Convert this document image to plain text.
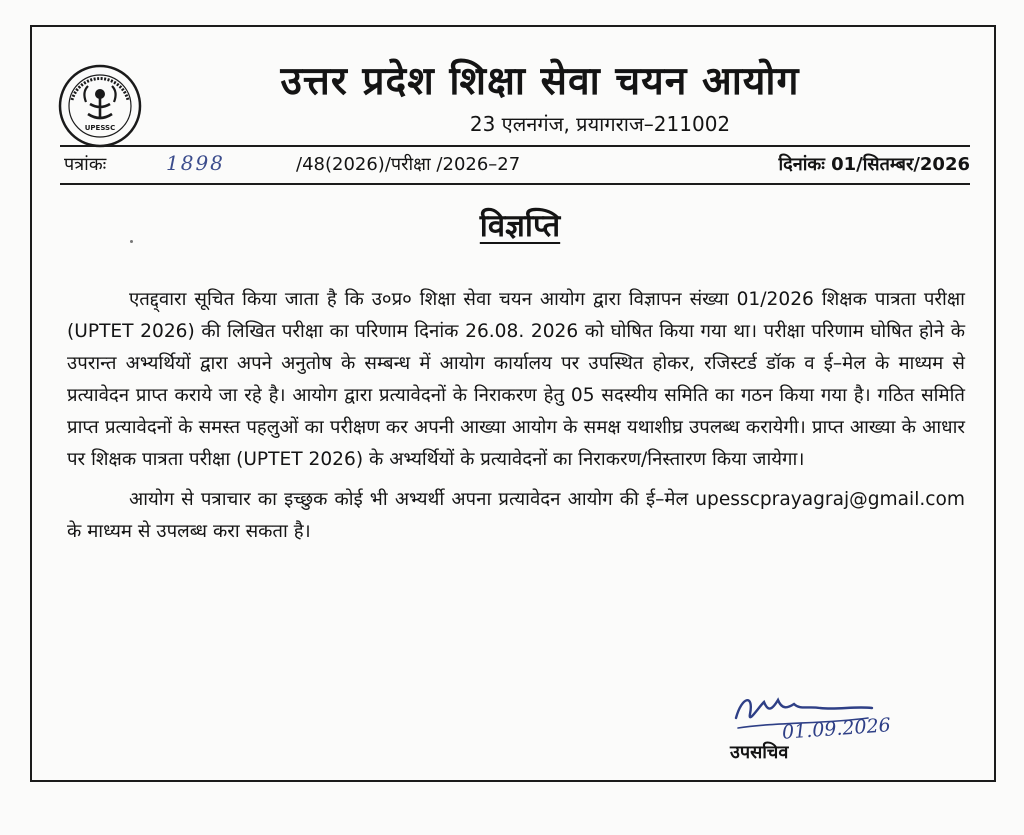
UPESSC
उत्तर प्रदेश शिक्षा सेवा चयन आयोग
23 एलनगंज, प्रयागराज–211002
पत्रांकः	1898	/48(2026)/परीक्षा /2026–27	दिनांकः 01/सितम्बर/2026
विज्ञप्ति

एतद्द्वारा सूचित किया जाता है कि उ०प्र० शिक्षा सेवा चयन आयोग द्वारा विज्ञापन संख्या 01/2026 शिक्षक पात्रता परीक्षा (UPTET 2026) की लिखित परीक्षा का परिणाम दिनांक 26.08. 2026 को घोषित किया गया था। परीक्षा परिणाम घोषित होने के उपरान्त अभ्यर्थियों द्वारा अपने अनुतोष के सम्बन्ध में आयोग कार्यालय पर उपस्थित होकर, रजिस्टर्ड डॉक व ई–मेल के माध्यम से प्रत्यावेदन प्राप्त कराये जा रहे है। आयोग द्वारा प्रत्यावेदनों के निराकरण हेतु 05 सदस्यीय समिति का गठन किया गया है। गठित समिति प्राप्त प्रत्यावेदनों के समस्त पहलुओं का परीक्षण कर अपनी आख्या आयोग के समक्ष यथाशीघ्र उपलब्ध करायेगी। प्राप्त आख्या के आधार पर शिक्षक पात्रता परीक्षा (UPTET 2026) के अभ्यर्थियों के प्रत्यावेदनों का निराकरण/निस्तारण किया जायेगा।

आयोग से पत्राचार का इच्छुक कोई भी अभ्यर्थी अपना प्रत्यावेदन आयोग की ई–मेल upesscprayagraj@gmail.com के माध्यम से उपलब्ध करा सकता है।

01.09.2026
उपसचिव
